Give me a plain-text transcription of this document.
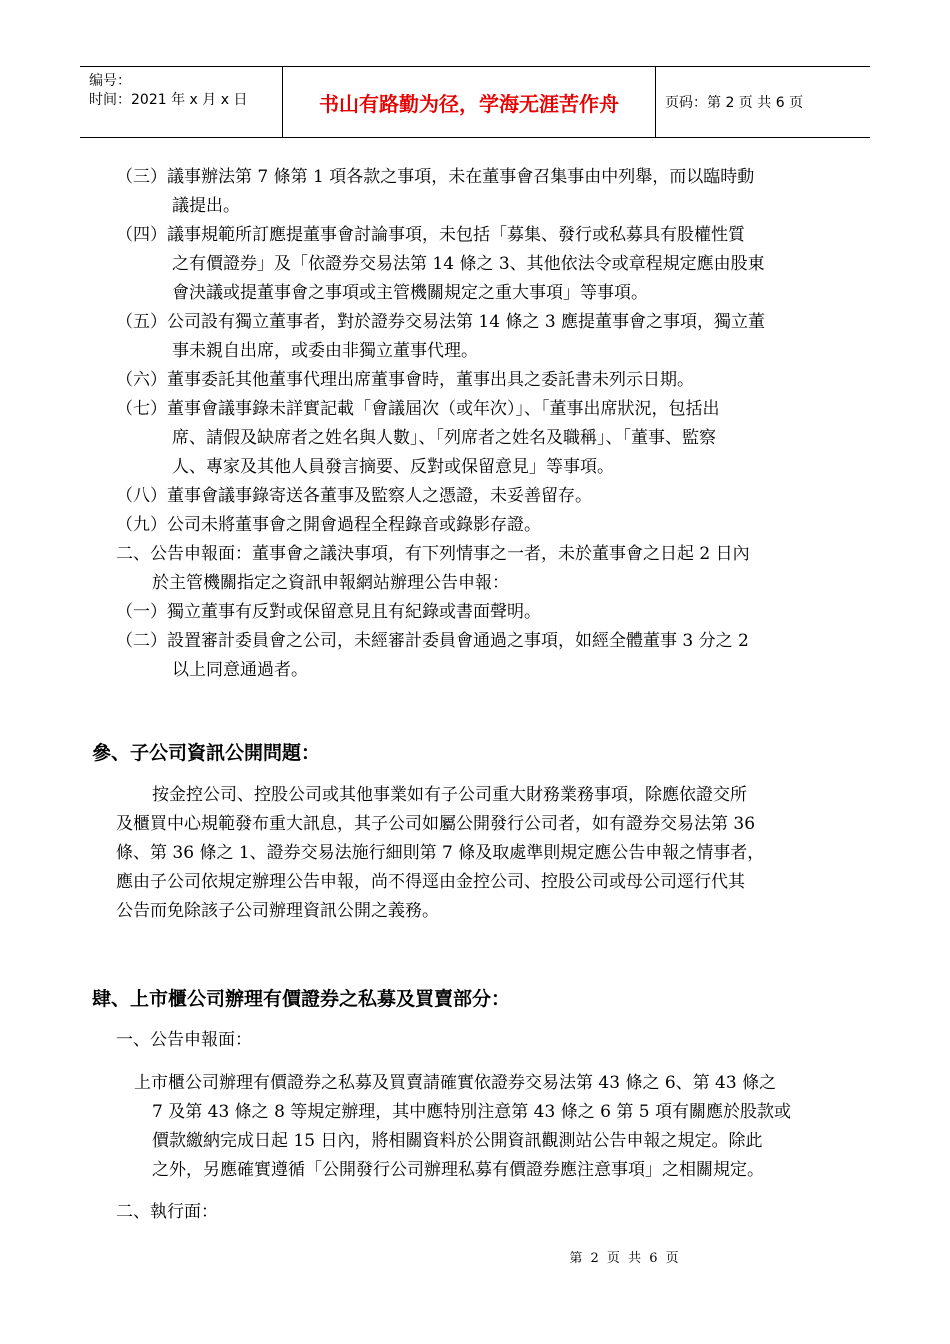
编号：
时间：2021 年 x 月 x 日	书山有路勤为径，学海无涯苦作舟	页码：第 2 页 共 6 页
（三）議事辦法第 7 條第 1 項各款之事項，未在董事會召集事由中列舉，而以臨時動
議提出。
（四）議事規範所訂應提董事會討論事項，未包括「募集、發行或私募具有股權性質
之有價證券」及「依證券交易法第 14 條之 3、其他依法令或章程規定應由股東
會決議或提董事會之事項或主管機關規定之重大事項」等事項。
（五）公司設有獨立董事者，對於證券交易法第 14 條之 3 應提董事會之事項，獨立董
事未親自出席，或委由非獨立董事代理。
（六）董事委託其他董事代理出席董事會時，董事出具之委託書未列示日期。
（七）董事會議事錄未詳實記載「會議屆次（或年次）」、「董事出席狀況，包括出
席、請假及缺席者之姓名與人數」、「列席者之姓名及職稱」、「董事、監察
人、專家及其他人員發言摘要、反對或保留意見」等事項。
（八）董事會議事錄寄送各董事及監察人之憑證，未妥善留存。
（九）公司未將董事會之開會過程全程錄音或錄影存證。
二、公告申報面：董事會之議決事項，有下列情事之一者，未於董事會之日起 2 日內
於主管機關指定之資訊申報網站辦理公告申報：
（一）獨立董事有反對或保留意見且有紀錄或書面聲明。
（二）設置審計委員會之公司，未經審計委員會通過之事項，如經全體董事 3 分之 2
以上同意通過者。
參、子公司資訊公開問題：
按金控公司、控股公司或其他事業如有子公司重大財務業務事項，除應依證交所
及櫃買中心規範發布重大訊息，其子公司如屬公開發行公司者，如有證券交易法第 36
條、第 36 條之 1、證券交易法施行細則第 7 條及取處準則規定應公告申報之情事者，
應由子公司依規定辦理公告申報，尚不得逕由金控公司、控股公司或母公司逕行代其
公告而免除該子公司辦理資訊公開之義務。
肆、上市櫃公司辦理有價證券之私募及買賣部分：
一、公告申報面：
上市櫃公司辦理有價證券之私募及買賣請確實依證券交易法第 43 條之 6、第 43 條之
7 及第 43 條之 8 等規定辦理，其中應特別注意第 43 條之 6 第 5 項有關應於股款或
價款繳納完成日起 15 日內，將相關資料於公開資訊觀測站公告申報之規定。除此
之外，另應確實遵循「公開發行公司辦理私募有價證券應注意事項」之相關規定。
二、執行面：
第 2 页 共 6 页
